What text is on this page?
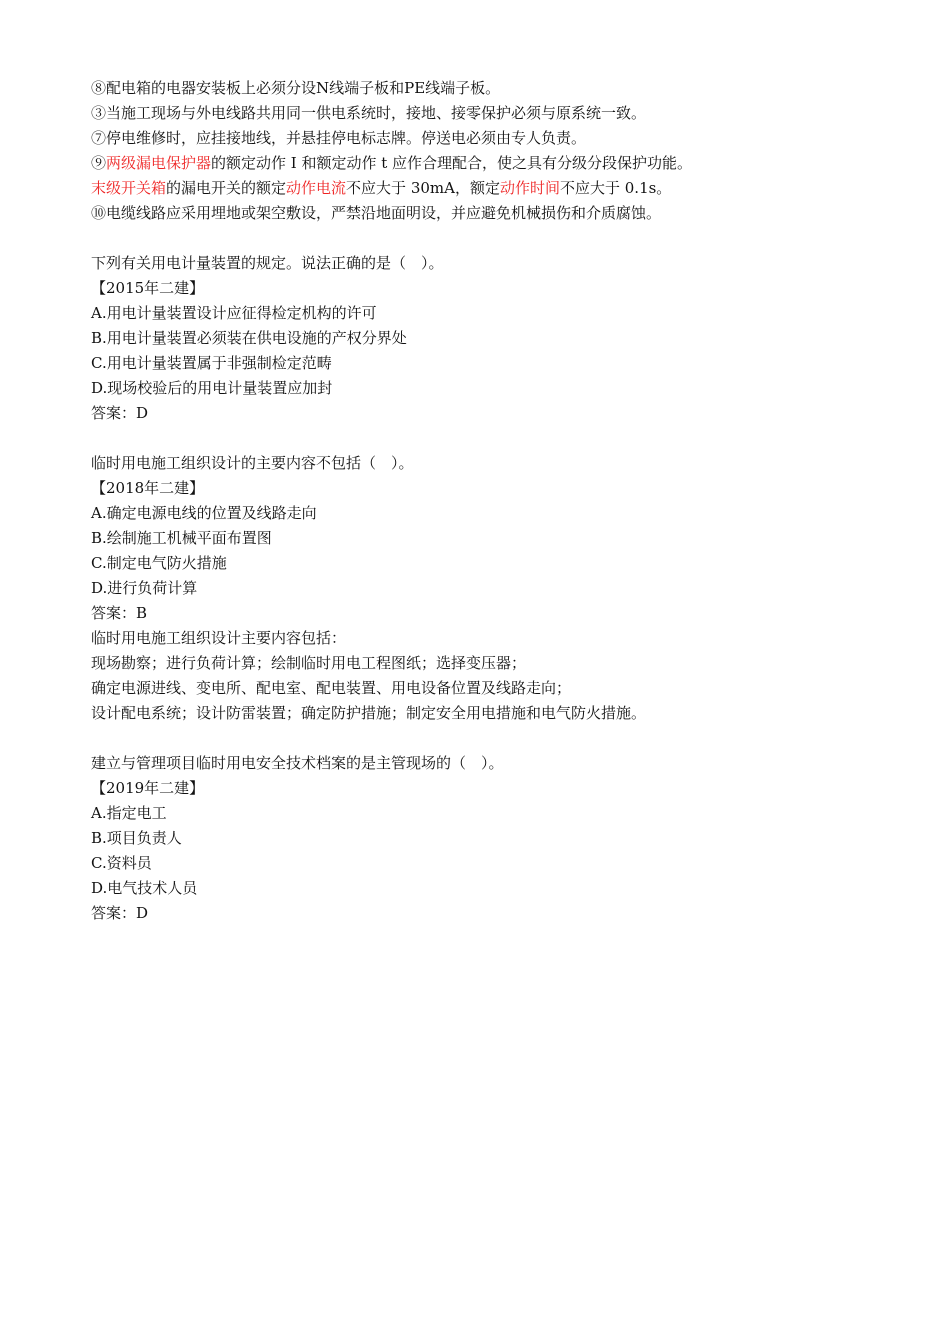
⑧配电箱的电器安装板上必须分设N线端子板和PE线端子板。
③当施工现场与外电线路共用同一供电系统时，接地、接零保护必须与原系统一致。
⑦停电维修时，应挂接地线，并悬挂停电标志牌。停送电必须由专人负责。
⑨两级漏电保护器的额定动作 I 和额定动作 t 应作合理配合，使之具有分级分段保护功能。
末级开关箱的漏电开关的额定动作电流不应大于 30mA，额定动作时间不应大于 0.1s。
⑩电缆线路应采用埋地或架空敷设，严禁沿地面明设，并应避免机械损伤和介质腐蚀。
下列有关用电计量装置的规定。说法正确的是（　）。
【2015年二建】
A.用电计量装置设计应征得检定机构的许可
B.用电计量装置必须装在供电设施的产权分界处
C.用电计量装置属于非强制检定范畴
D.现场校验后的用电计量装置应加封
答案：D
临时用电施工组织设计的主要内容不包括（　）。
【2018年二建】
A.确定电源电线的位置及线路走向
B.绘制施工机械平面布置图
C.制定电气防火措施
D.进行负荷计算
答案：B
临时用电施工组织设计主要内容包括：
现场勘察；进行负荷计算；绘制临时用电工程图纸；选择变压器；
确定电源进线、变电所、配电室、配电装置、用电设备位置及线路走向；
设计配电系统；设计防雷装置；确定防护措施；制定安全用电措施和电气防火措施。
建立与管理项目临时用电安全技术档案的是主管现场的（　）。
【2019年二建】
A.指定电工
B.项目负责人
C.资料员
D.电气技术人员
答案：D
